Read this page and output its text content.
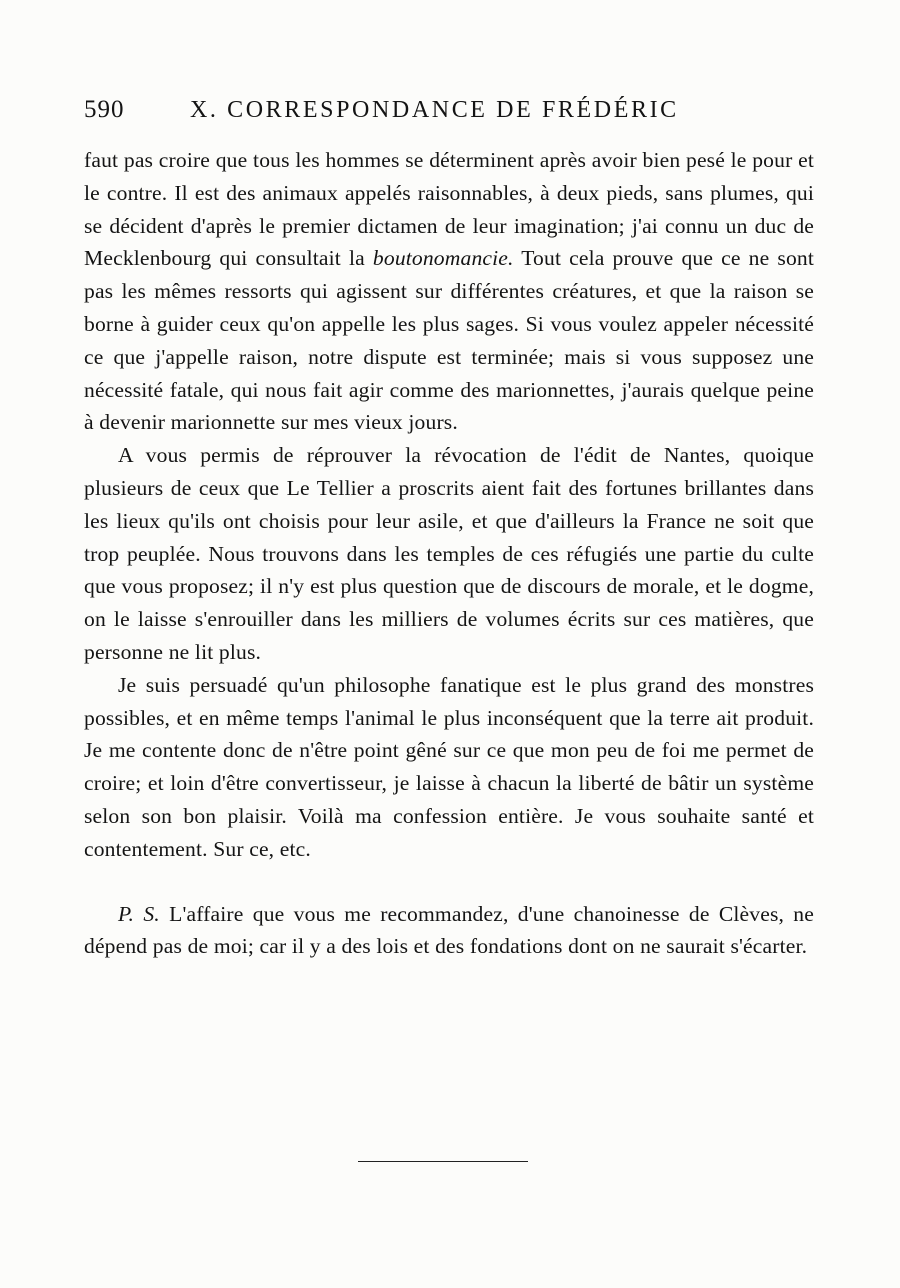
590	X. CORRESPONDANCE DE FRÉDÉRIC

faut pas croire que tous les hommes se déterminent après avoir bien pesé le pour et le contre. Il est des animaux appelés raisonnables, à deux pieds, sans plumes, qui se décident d'après le premier dictamen de leur imagination; j'ai connu un duc de Mecklenbourg qui consultait la boutonomancie. Tout cela prouve que ce ne sont pas les mêmes ressorts qui agissent sur différentes créatures, et que la raison se borne à guider ceux qu'on appelle les plus sages. Si vous voulez appeler nécessité ce que j'appelle raison, notre dispute est terminée; mais si vous supposez une nécessité fatale, qui nous fait agir comme des marionnettes, j'aurais quelque peine à devenir marionnette sur mes vieux jours.

A vous permis de réprouver la révocation de l'édit de Nantes, quoique plusieurs de ceux que Le Tellier a proscrits aient fait des fortunes brillantes dans les lieux qu'ils ont choisis pour leur asile, et que d'ailleurs la France ne soit que trop peuplée. Nous trouvons dans les temples de ces réfugiés une partie du culte que vous proposez; il n'y est plus question que de discours de morale, et le dogme, on le laisse s'enrouiller dans les milliers de volumes écrits sur ces matières, que personne ne lit plus.

Je suis persuadé qu'un philosophe fanatique est le plus grand des monstres possibles, et en même temps l'animal le plus inconséquent que la terre ait produit. Je me contente donc de n'être point gêné sur ce que mon peu de foi me permet de croire; et loin d'être convertisseur, je laisse à chacun la liberté de bâtir un système selon son bon plaisir. Voilà ma confession entière. Je vous souhaite santé et contentement. Sur ce, etc.

P. S. L'affaire que vous me recommandez, d'une chanoinesse de Clèves, ne dépend pas de moi; car il y a des lois et des fondations dont on ne saurait s'écarter.
